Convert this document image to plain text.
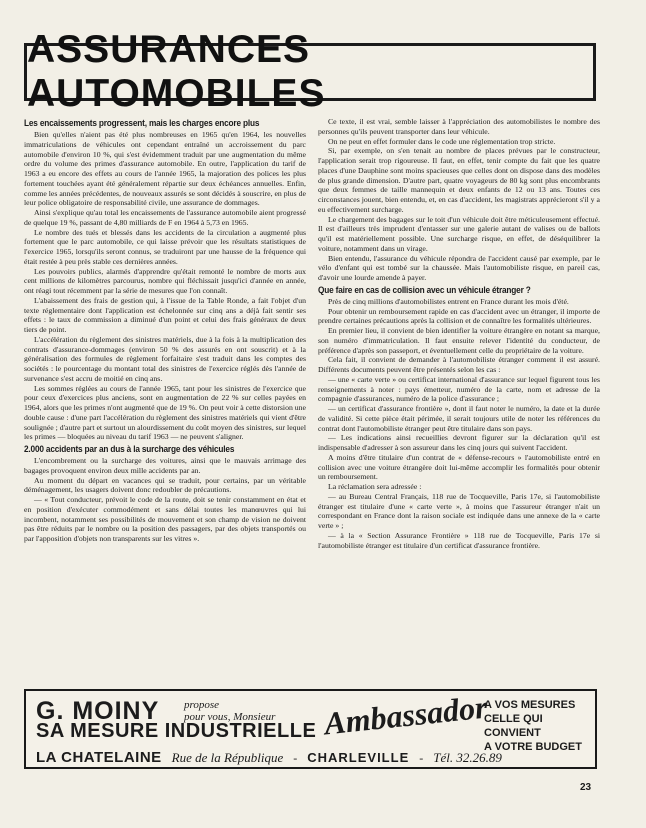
ASSURANCES AUTOMOBILES
Les encaissements progressent, mais les charges encore plus

Bien qu'elles n'aient pas été plus nombreuses en 1965 qu'en 1964, les nouvelles immatriculations de véhicules ont cependant entraîné un accroissement du parc automobile d'environ 10 %, qui s'est évidemment traduit par une augmentation du même ordre du volume des primes d'assurance automobile. En outre, l'application du tarif de 1963 a eu encore des effets au cours de l'année 1965, la majoration des polices les plus fortement touchées ayant été généralement répartie sur deux échéances annuelles. Enfin, comme les années précédentes, de nouveaux assurés se sont décidés à souscrire, en plus de leur police obligatoire de responsabilité civile, une assurance de dommages.

Ainsi s'explique qu'au total les encaissements de l'assurance automobile aient progressé de quelque 19 %, passant de 4,80 milliards de F en 1964 à 5,73 en 1965.

Le nombre des tués et blessés dans les accidents de la circulation a augmenté plus fortement que le parc automobile, ce qui laisse prévoir que les résultats statistiques de l'exercice 1965, lorsqu'ils seront connus, se traduiront par une hausse de la fréquence qui était restée à peu près stable ces dernières années.

Les pouvoirs publics, alarmés d'apprendre qu'était remonté le nombre de morts aux cent millions de kilomètres parcourus, nombre qui fléchissait jusqu'ici d'année en année, ont réagi tout récemment par la série de mesures que l'on connaît.

L'abaissement des frais de gestion qui, à l'issue de la Table Ronde, a fait l'objet d'un texte réglementaire dont l'application est échelonnée sur cinq ans a déjà fait sentir ses effets : le taux de commission a diminué d'un point et celui des frais généraux de deux tiers de point.

L'accélération du règlement des sinistres matériels, due à la fois à la multiplication des contrats d'assurance-dommages (environ 50 % des assurés en ont souscrit) et à la généralisation des formules de règlement forfaitaire s'est traduit dans les comptes des sociétés : le pourcentage du montant total des sinistres de l'exercice réglés dès l'année de survenance s'est accru de moitié en cinq ans.

Les sommes réglées au cours de l'année 1965, tant pour les sinistres de l'exercice que pour ceux d'exercices plus anciens, sont en augmentation de 22 % sur celles payées en 1964, alors que les primes n'ont augmenté que de 19 %. On peut voir à cette distorsion une double cause : d'une part l'accélération du règlement des sinistres matériels qui vient d'être soulignée ; d'autre part et surtout un alourdissement du coût moyen des sinistres, sur lequel les primes — bloquées au niveau du tarif 1963 — ne peuvent s'aligner.

2.000 accidents par an dus à la surcharge des véhicules

L'encombrement ou la surcharge des voitures, ainsi que le mauvais arrimage des bagages provoquent environ deux mille accidents par an.

Au moment du départ en vacances qui se traduit, pour certains, par un véritable déménagement, les usagers doivent donc redoubler de précautions.

— « Tout conducteur, prévoit le code de la route, doit se tenir constamment en état et en position d'exécuter commodément et sans délai toutes les manœuvres qui lui incombent, notamment ses possibilités de mouvement et son champ de vision ne doivent pas être réduits par le nombre ou la position des passagers, par des objets transportés ou par l'apposition d'objets non transparents sur les vitres ».

Ce texte, il est vrai, semble laisser à l'appréciation des automobilistes le nombre des personnes qu'ils peuvent transporter dans leur véhicule.

On ne peut en effet formuler dans le code une réglementation trop stricte.

Si, par exemple, on s'en tenait au nombre de places prévues par le constructeur, l'application serait trop rigoureuse. Il faut, en effet, tenir compte du fait que les quatre places d'une Dauphine sont moins spacieuses que celles dont on dispose dans des modèles de plus grande dimension. D'autre part, quatre voyageurs de 80 kg sont plus encombrants que deux femmes de taille mannequin et deux enfants de 12 ou 13 ans. Toutes ces circonstances jouent, bien entendu, et, en cas d'accident, les magistrats apprécieront s'il y a eu effectivement surcharge.

Le chargement des bagages sur le toit d'un véhicule doit être méticuleusement effectué. Il est d'ailleurs très imprudent d'entasser sur une galerie autant de valises ou de ballots qu'il est matériellement possible. Une surcharge risque, en effet, de déséquilibrer la voiture, notamment dans un virage.

Bien entendu, l'assurance du véhicule répondra de l'accident causé par exemple, par le vélo d'enfant qui est tombé sur la chaussée. Mais l'automobiliste risque, en pareil cas, d'avoir une lourde amende à payer.

Que faire en cas de collision avec un véhicule étranger ?

Près de cinq millions d'automobilistes entrent en France durant les mois d'été.

Pour obtenir un remboursement rapide en cas d'accident avec un étranger, il importe de prendre certaines précautions après la collision et de connaître les formalités ultérieures.

En premier lieu, il convient de bien identifier la voiture étrangère en notant sa marque, son numéro d'immatriculation. Il faut ensuite relever l'identité du conducteur, de préférence d'après son passeport, et éventuellement celle du propriétaire de la voiture.

Cela fait, il convient de demander à l'automobiliste étranger comment il est assuré. Différents documents peuvent être présentés selon les cas :

— une « carte verte » ou certificat international d'assurance sur lequel figurent tous les renseignements à noter : pays émetteur, numéro de la carte, nom et adresse de la compagnie d'assurances, numéro de la police d'assurance ;

— un certificat d'assurance frontière », dont il faut noter le numéro, la date et la durée de validité. Si cette pièce était périmée, il serait toujours utile de noter les références du contrat dont l'automobiliste étranger peut être titulaire dans son pays.

— Les indications ainsi recueillies devront figurer sur la déclaration qu'il est indispensable d'adresser à son assureur dans les cinq jours qui suivent l'accident.

A moins d'être titulaire d'un contrat de « défense-recours » l'automobiliste entré en collision avec une voiture étrangère doit lui-même accomplir les formalités pour obtenir un remboursement.

La réclamation sera adressée :

— au Bureau Central Français, 118 rue de Tocqueville, Paris 17e, si l'automobiliste étranger est titulaire d'une « carte verte », à moins que l'assureur étranger n'ait un correspondant en France dont la raison sociale est indiquée dans une annexe de la « carte verte » ;

— à la « Section Assurance Frontière » 118 rue de Tocqueville, Paris 17e si l'automobiliste étranger est titulaire d'un certificat d'assurance frontière.

G. MOINY propose
pour vous, Monsieur
SA MESURE INDUSTRIELLE Ambassador
A VOS MESURES
CELLE QUI CONVIENT
A VOTRE BUDGET
LA CHATELAINE Rue de la République - CHARLEVILLE - Tél. 32.26.89
23
